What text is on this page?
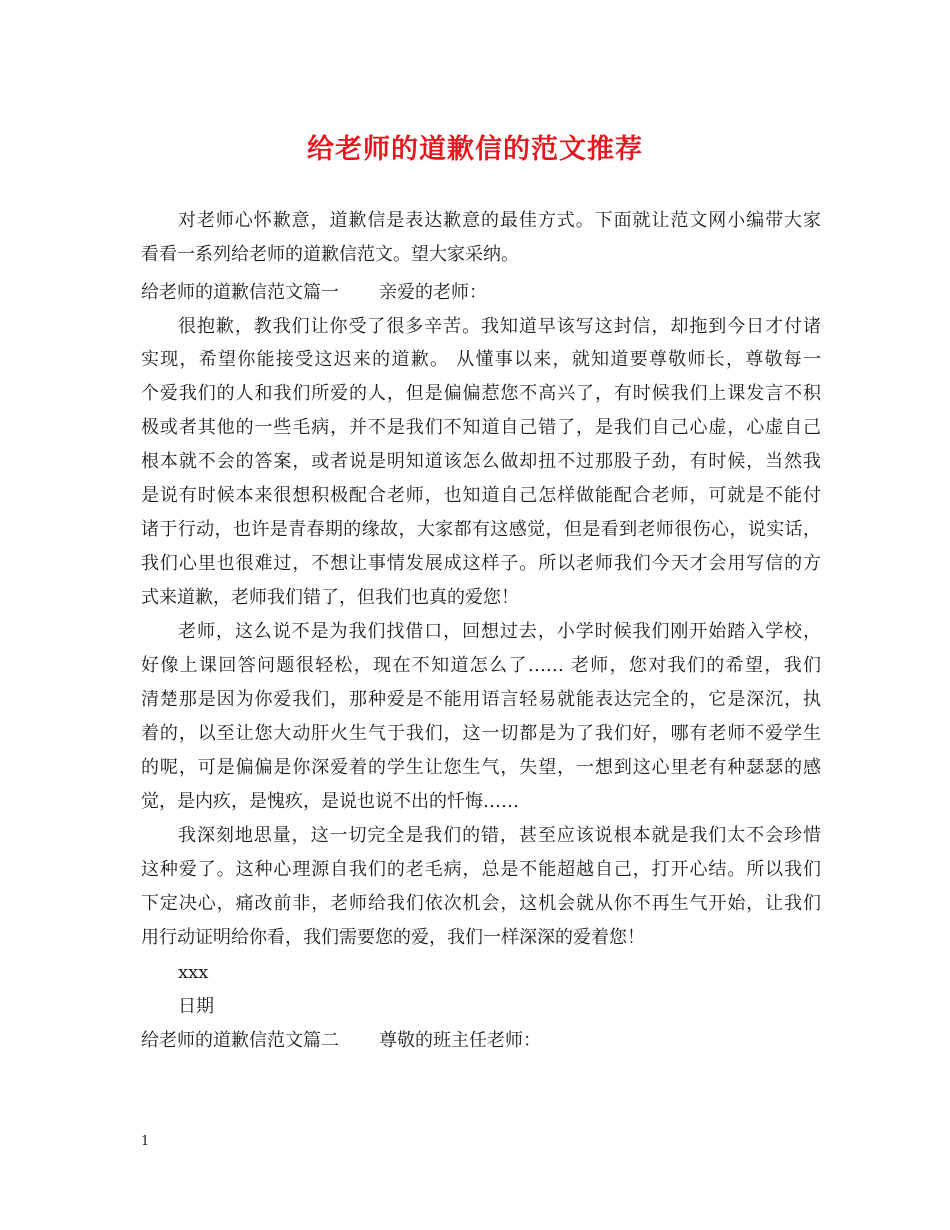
给老师的道歉信的范文推荐
对老师心怀歉意，道歉信是表达歉意的最佳方式。下面就让范文网小编带大家
看看一系列给老师的道歉信范文。望大家采纳。
给老师的道歉信范文篇一 亲爱的老师：
很抱歉，教我们让你受了很多辛苦。我知道早该写这封信，却拖到今日才付诸
实现，希望你能接受这迟来的道歉。 从懂事以来，就知道要尊敬师长，尊敬每一
个爱我们的人和我们所爱的人，但是偏偏惹您不高兴了，有时候我们上课发言不积
极或者其他的一些毛病，并不是我们不知道自己错了，是我们自己心虚，心虚自己
根本就不会的答案，或者说是明知道该怎么做却扭不过那股子劲，有时候，当然我
是说有时候本来很想积极配合老师，也知道自己怎样做能配合老师，可就是不能付
诸于行动，也许是青春期的缘故，大家都有这感觉，但是看到老师很伤心，说实话，
我们心里也很难过，不想让事情发展成这样子。所以老师我们今天才会用写信的方
式来道歉，老师我们错了，但我们也真的爱您！
老师，这么说不是为我们找借口，回想过去，小学时候我们刚开始踏入学校，
好像上课回答问题很轻松，现在不知道怎么了…… 老师，您对我们的希望，我们
清楚那是因为你爱我们，那种爱是不能用语言轻易就能表达完全的，它是深沉，执
着的，以至让您大动肝火生气于我们，这一切都是为了我们好，哪有老师不爱学生
的呢，可是偏偏是你深爱着的学生让您生气，失望，一想到这心里老有种瑟瑟的感
觉，是内疚，是愧疚，是说也说不出的忏悔……
我深刻地思量，这一切完全是我们的错，甚至应该说根本就是我们太不会珍惜
这种爱了。这种心理源自我们的老毛病，总是不能超越自己，打开心结。所以我们
下定决心，痛改前非，老师给我们依次机会，这机会就从你不再生气开始，让我们
用行动证明给你看，我们需要您的爱，我们一样深深的爱着您！
xxx
日期
给老师的道歉信范文篇二 尊敬的班主任老师：
1
